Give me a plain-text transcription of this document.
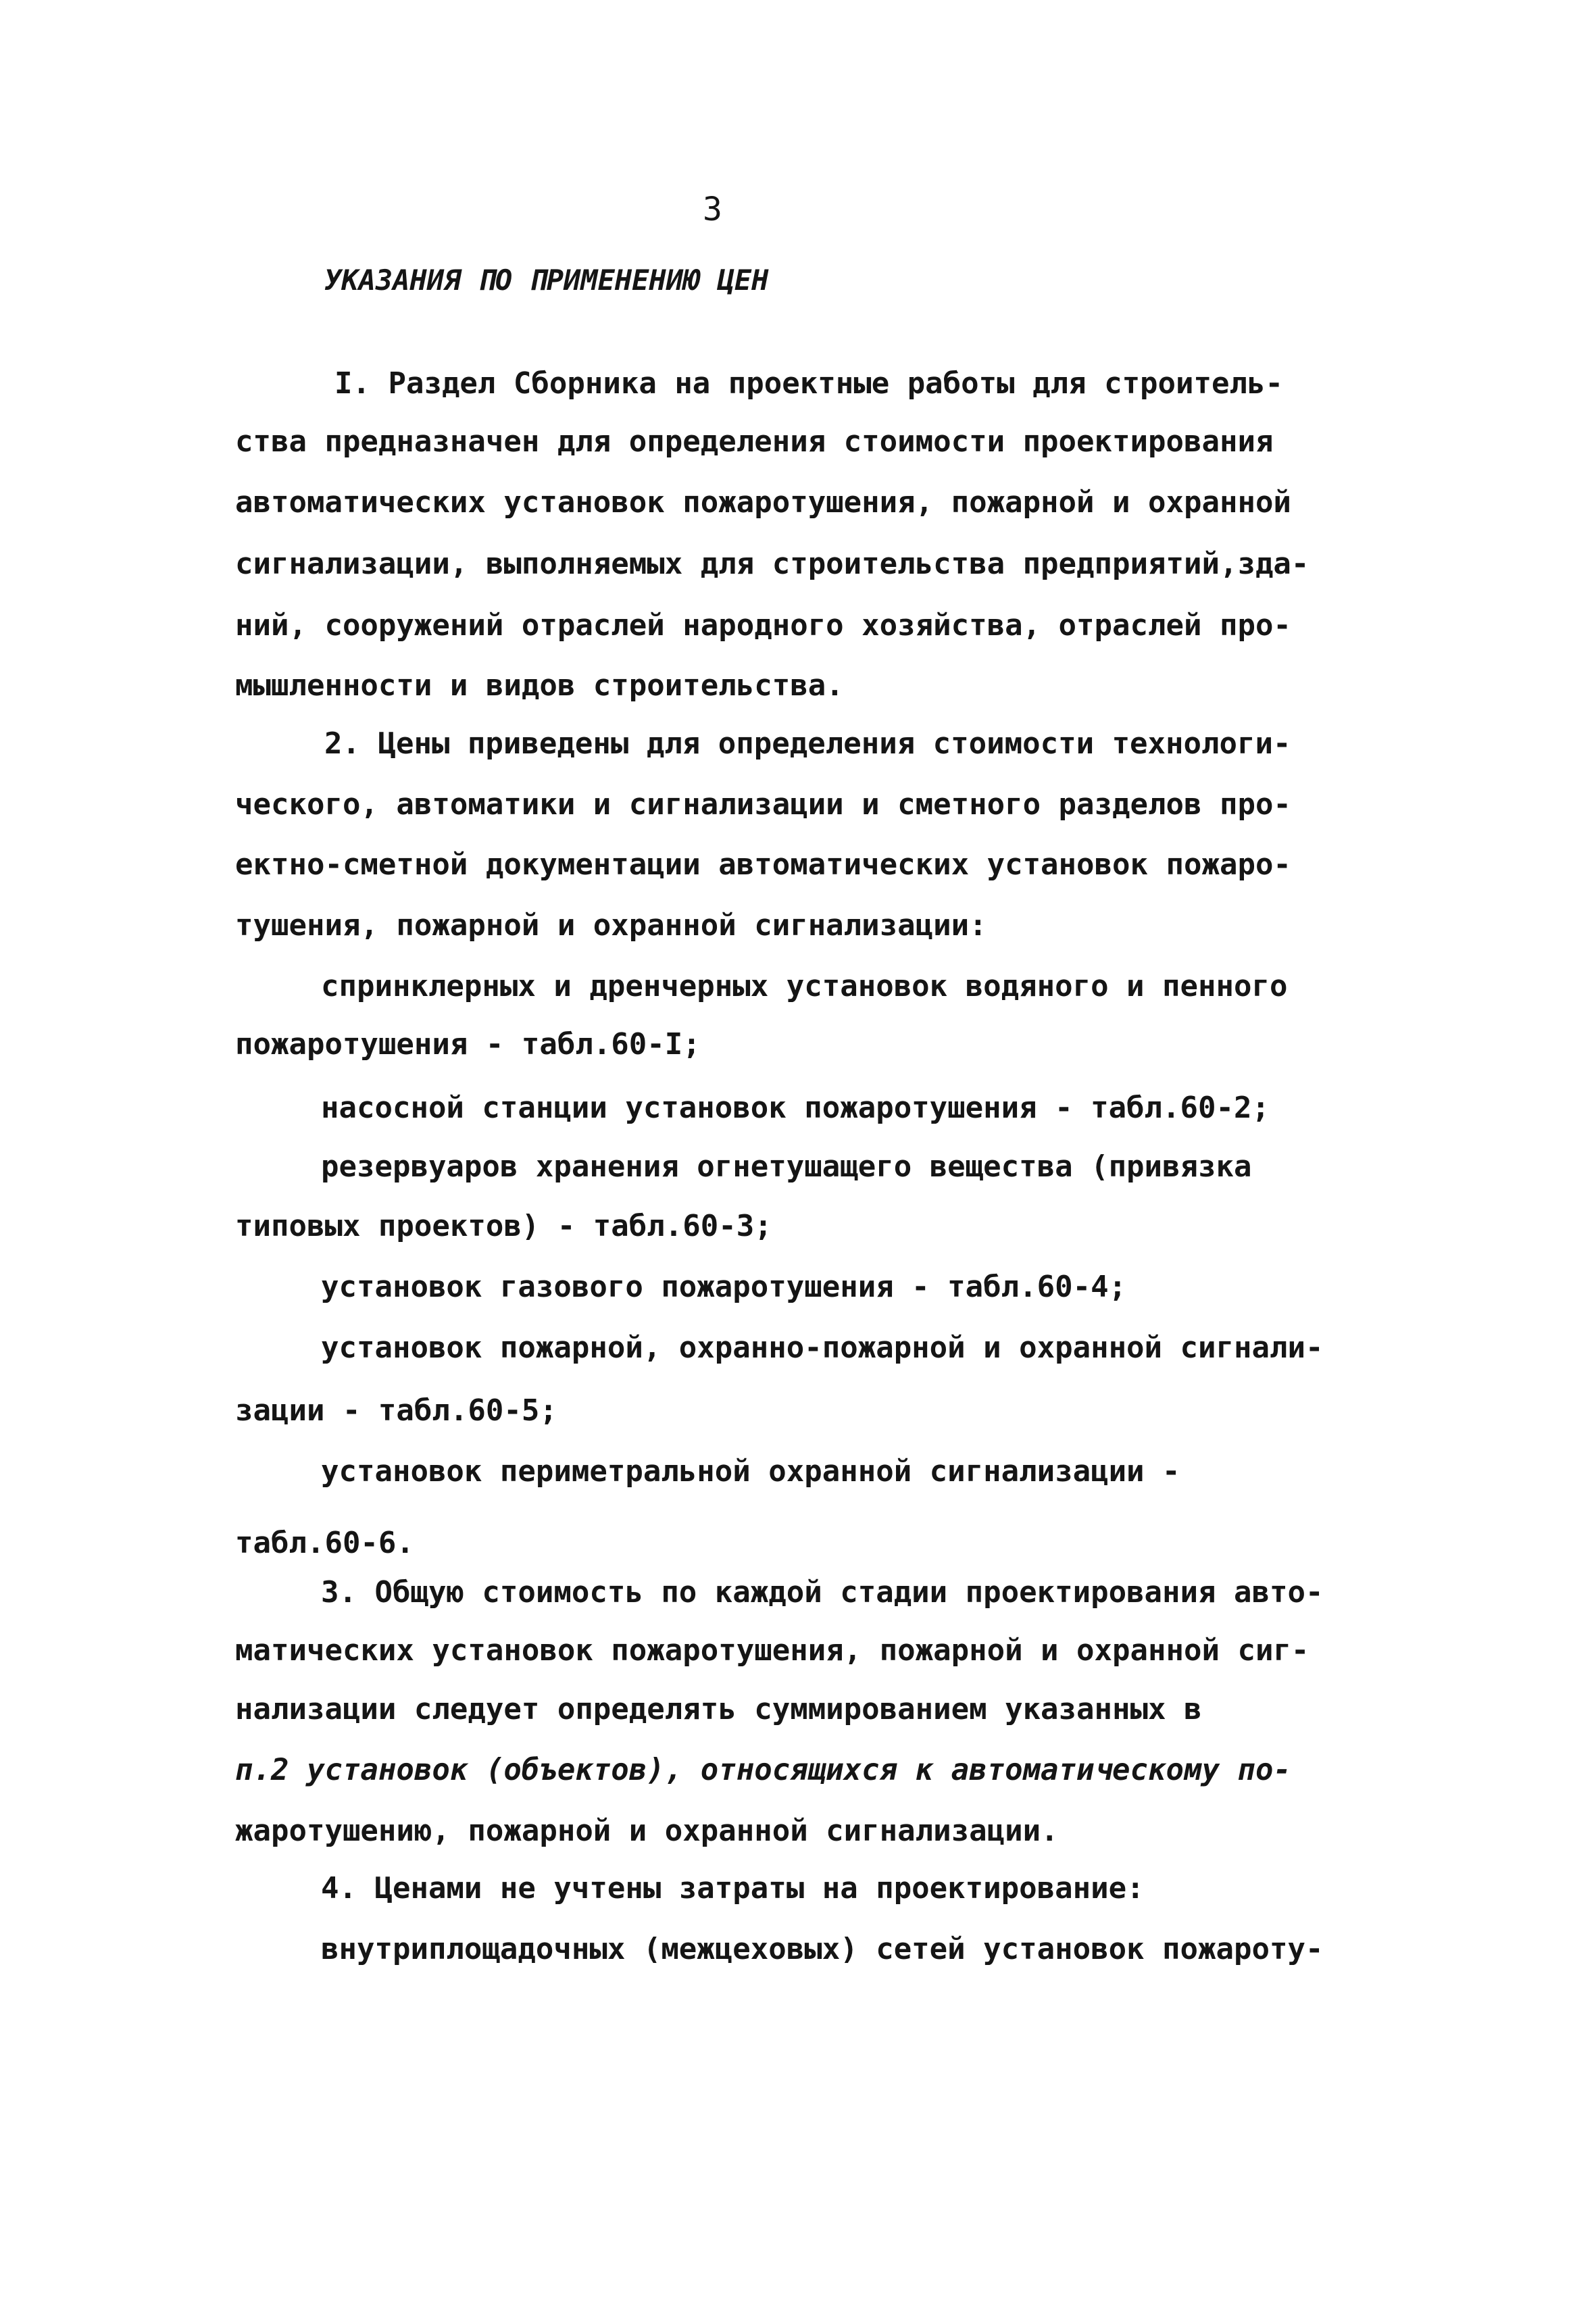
3
УКАЗАНИЯ ПО ПРИМЕНЕНИЮ ЦЕН
I. Раздел Сборника на проектные работы для строитель-
ства предназначен для определения стоимости проектирования
автоматических установок пожаротушения, пожарной и охранной
сигнализации, выполняемых для строительства предприятий,зда-
ний, сооружений отраслей народного хозяйства, отраслей про-
мышленности и видов строительства.
2. Цены приведены для определения стоимости технологи-
ческого, автоматики и сигнализации и сметного разделов про-
ектно-сметной документации автоматических установок пожаро-
тушения, пожарной и охранной сигнализации:
спринклерных и дренчерных установок водяного и пенного
пожаротушения - табл.60-I;
насосной станции установок пожаротушения - табл.60-2;
резервуаров хранения огнетушащего вещества (привязка
типовых проектов) - табл.60-3;
установок газового пожаротушения - табл.60-4;
установок пожарной, охранно-пожарной и охранной сигнали-
зации - табл.60-5;
установок периметральной охранной сигнализации -
табл.60-6.
3. Общую стоимость по каждой стадии проектирования авто-
матических установок пожаротушения, пожарной и охранной сиг-
нализации следует определять суммированием указанных в
п.2 установок (объектов), относящихся к автоматическому по-
жаротушению, пожарной и охранной сигнализации.
4. Ценами не учтены затраты на проектирование:
внутриплощадочных (межцеховых) сетей установок пожароту-
